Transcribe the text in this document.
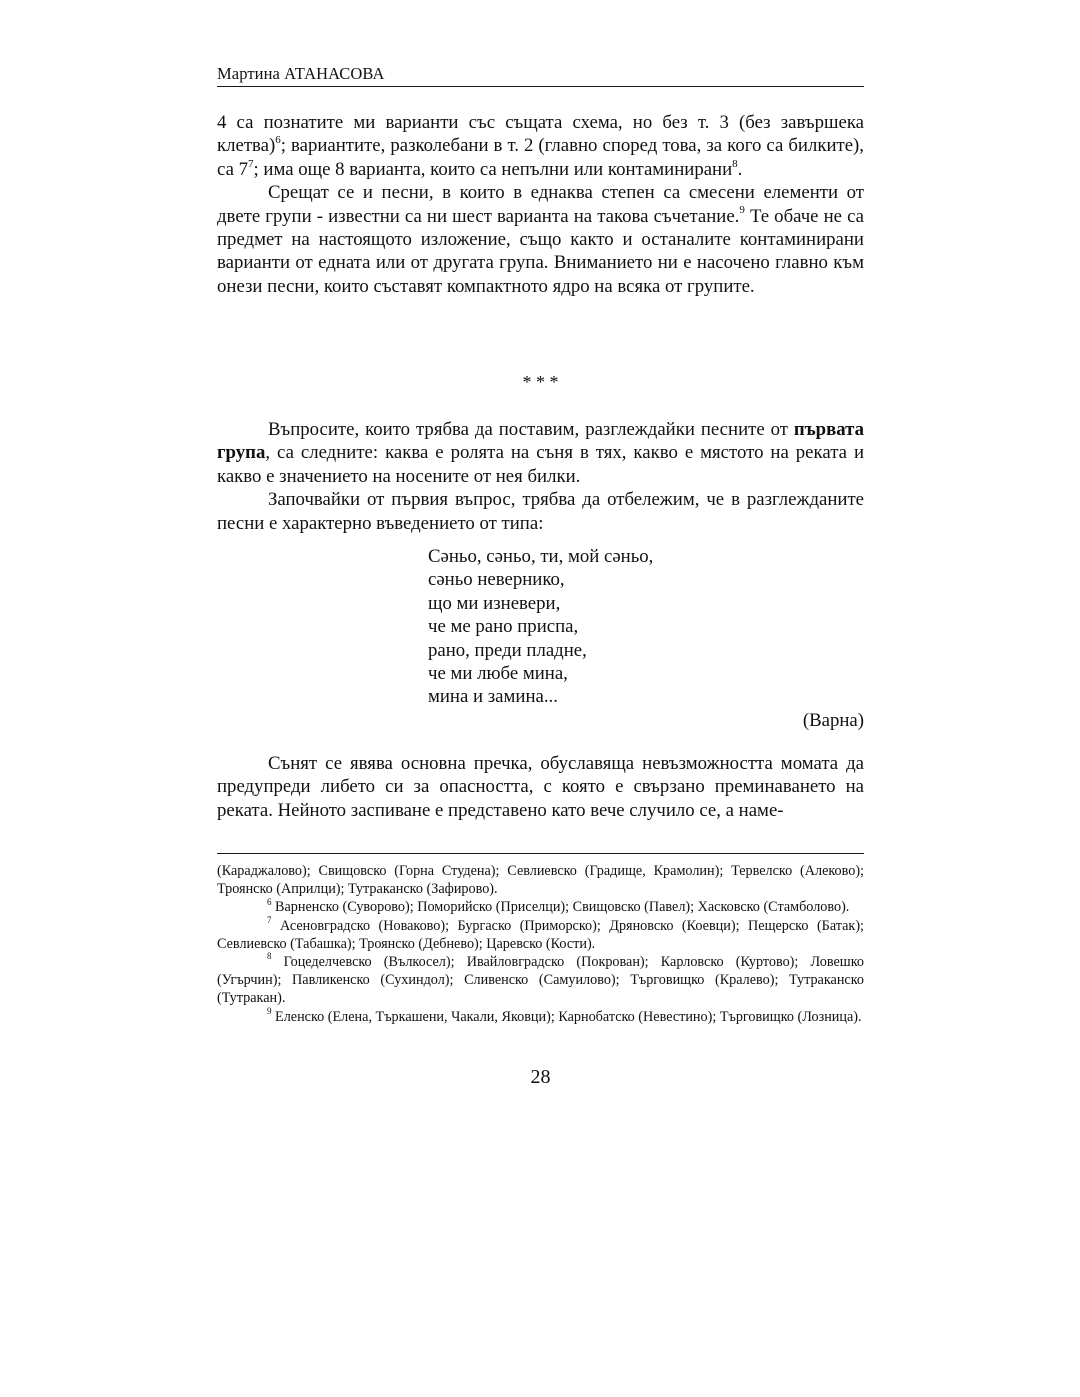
Мартина АТАНАСОВА

4 са познатите ми варианти със същата схема, но без т. 3 (без завършека клетва)$^6$; вариантите, разколебани в т. 2 (главно според това, за кого са билките), са $7^7$; има още 8 варианта, които са непълни или контаминирани$^8$.

Срещат се и песни, в които в еднаква степен са смесени елементи от двете групи - известни са ни шест варианта на такова съчетание.$^9$ Те обаче не са предмет на настоящото изложение, също както и останалите контаминирани варианти от едната или от другата група. Вниманието ни е насочено главно към онези песни, които съставят компактното ядро на всяка от групите.

* * *

Въпросите, които трябва да поставим, разглеждайки песните от първата група, са следните: каква е ролята на съня в тях, какво е мястото на реката и какво е значението на носените от нея билки.

Започвайки от първия въпрос, трябва да отбележим, че в разглежданите песни е характерно въведението от типа:

Сәньо, сәньо, ти, мой сәньо,
сәньо невернико,
що ми изневери,
че ме рано приспа,
рано, преди пладне,
че ми любе мина,
мина и замина...
(Варна)

Сънят се явява основна пречка, обуславяща невъзможността момата да предупреди либето си за опасността, с която е свързано преминаването на реката. Нейното заспиване е представено като вече случило се, а наме-

(Караджалово); Свищовско (Горна Студена); Севлиевско (Градище, Крамолин); Тервелско (Алеково); Троянско (Априлци); Тутраканско (Зафирово).

$^6$ Варненско (Суворово); Поморийско (Приселци); Свищовско (Павел); Хасковско (Стамболово).

$^7$ Асеновградско (Новаково); Бургаско (Приморско); Дряновско (Коевци); Пещерско (Батак); Севлиевско (Табашка); Троянско (Дебнево); Царевско (Кости).

$^8$ Гоцеделчевско (Вълкосел); Ивайловградско (Покрован); Карловско (Куртово); Ловешко (Угърчин); Павликенско (Сухиндол); Сливенско (Самуилово); Търговищко (Кралево); Тутраканско (Тутракан).

$^9$ Еленско (Елена, Търкашени, Чакали, Яковци); Карнобатско (Невестино); Търговищко (Лозница).

28
